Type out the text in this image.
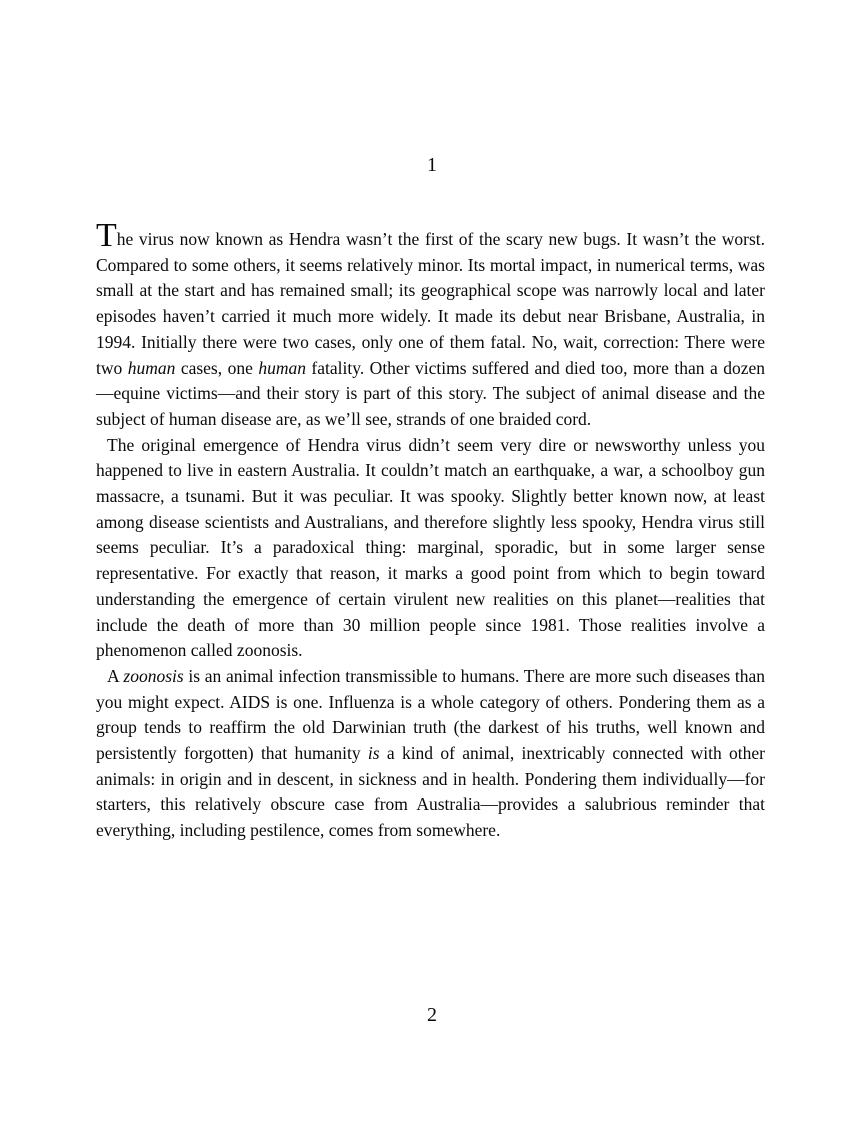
1

The virus now known as Hendra wasn’t the first of the scary new bugs. It wasn’t the worst. Compared to some others, it seems relatively minor. Its mortal impact, in numerical terms, was small at the start and has remained small; its geographical scope was narrowly local and later episodes haven’t carried it much more widely. It made its debut near Brisbane, Australia, in 1994. Initially there were two cases, only one of them fatal. No, wait, correction: There were two human cases, one human fatality. Other victims suffered and died too, more than a dozen—equine victims—and their story is part of this story. The subject of animal disease and the subject of human disease are, as we’ll see, strands of one braided cord.

The original emergence of Hendra virus didn’t seem very dire or newsworthy unless you happened to live in eastern Australia. It couldn’t match an earthquake, a war, a schoolboy gun massacre, a tsunami. But it was peculiar. It was spooky. Slightly better known now, at least among disease scientists and Australians, and therefore slightly less spooky, Hendra virus still seems peculiar. It’s a paradoxical thing: marginal, sporadic, but in some larger sense representative. For exactly that reason, it marks a good point from which to begin toward understanding the emergence of certain virulent new realities on this planet—realities that include the death of more than 30 million people since 1981. Those realities involve a phenomenon called zoonosis.

A zoonosis is an animal infection transmissible to humans. There are more such diseases than you might expect. AIDS is one. Influenza is a whole category of others. Pondering them as a group tends to reaffirm the old Darwinian truth (the darkest of his truths, well known and persistently forgotten) that humanity is a kind of animal, inextricably connected with other animals: in origin and in descent, in sickness and in health. Pondering them individually—for starters, this relatively obscure case from Australia—provides a salubrious reminder that everything, including pestilence, comes from somewhere.

2
